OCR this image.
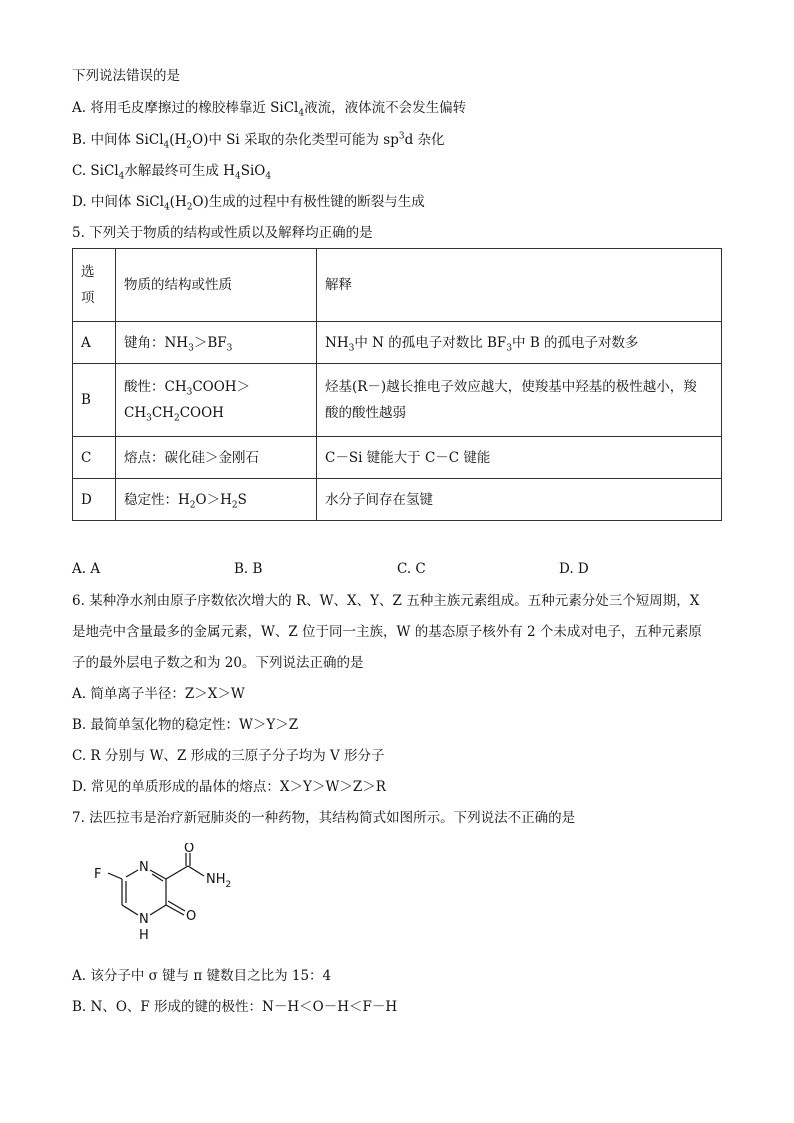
下列说法错误的是
A. 将用毛皮摩擦过的橡胶棒靠近 SiCl$_4$液流，液体流不会发生偏转
B. 中间体 $SiCl_4(H_2O)$中 Si 采取的杂化类型可能为 $sp^3d$ 杂化
C. SiCl$_4$水解最终可生成 $H_4SiO_4$
D. 中间体 $SiCl_4(H_2O)$生成的过程中有极性键的断裂与生成
5. 下列关于物质的结构或性质以及解释均正确的是
选
项	物质的结构或性质	解释
A	键角：$NH_3>BF_3$	$NH_3$中 N 的孤电子对数比 $BF_3$中 B 的孤电子对数多
B	酸性：$CH_3COOH>$
$CH_3CH_2COOH$	烃基(R－)越长推电子效应越大，使羧基中羟基的极性越小，羧
酸的酸性越弱
C	熔点：碳化硅＞金刚石	C－Si 键能大于 C－C 键能
D	稳定性：$H_2O>H_2S$	水分子间存在氢键
A. A	B. B	C. C	D. D
6. 某种净水剂由原子序数依次增大的 R、W、X、Y、Z 五种主族元素组成。五种元素分处三个短周期，X
是地壳中含量最多的金属元素，W、Z 位于同一主族，W 的基态原子核外有 2 个未成对电子，五种元素原
子的最外层电子数之和为 20。下列说法正确的是
A. 简单离子半径：Z＞X＞W
B. 最简单氢化物的稳定性：W＞Y＞Z
C. R 分别与 W、Z 形成的三原子分子均为 V 形分子
D. 常见的单质形成的晶体的熔点：X＞Y＞W＞Z＞R
7. 法匹拉韦是治疗新冠肺炎的一种药物，其结构简式如图所示。下列说法不正确的是
F	N
O
$NH_2$
O
N
H
A. 该分子中 σ 键与 π 键数目之比为 15：4
B. N、O、F 形成的键的极性：N－H＜O－H＜F－H
